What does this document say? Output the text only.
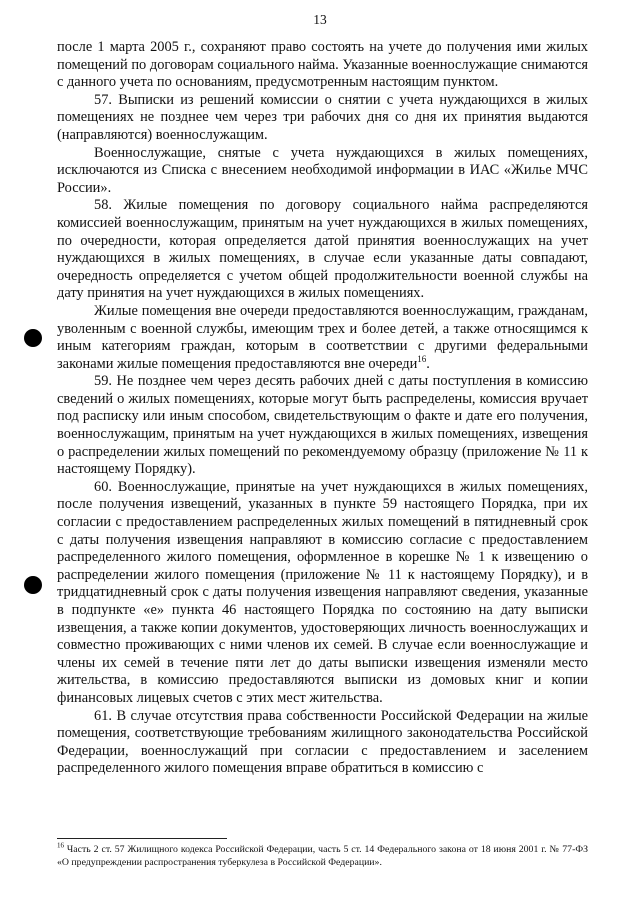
13

после 1 марта 2005 г., сохраняют право состоять на учете до получения ими жилых помещений по договорам социального найма. Указанные военнослужащие снимаются с данного учета по основаниям, предусмотренным настоящим пунктом.

57. Выписки из решений комиссии о снятии с учета нуждающихся в жилых помещениях не позднее чем через три рабочих дня со дня их принятия выдаются (направляются) военнослужащим.

Военнослужащие, снятые с учета нуждающихся в жилых помещениях, исключаются из Списка с внесением необходимой информации в ИАС «Жилье МЧС России».

58. Жилые помещения по договору социального найма распределяются комиссией военнослужащим, принятым на учет нуждающихся в жилых помещениях, по очередности, которая определяется датой принятия военнослужащих на учет нуждающихся в жилых помещениях, в случае если указанные даты совпадают, очередность определяется с учетом общей продолжительности военной службы на дату принятия на учет нуждающихся в жилых помещениях.

Жилые помещения вне очереди предоставляются военнослужащим, гражданам, уволенным с военной службы, имеющим трех и более детей, а также относящимся к иным категориям граждан, которым в соответствии с другими федеральными законами жилые помещения предоставляются вне очереди$^{16}$.

59. Не позднее чем через десять рабочих дней с даты поступления в комиссию сведений о жилых помещениях, которые могут быть распределены, комиссия вручает под расписку или иным способом, свидетельствующим о факте и дате его получения, военнослужащим, принятым на учет нуждающихся в жилых помещениях, извещения о распределении жилых помещений по рекомендуемому образцу (приложение № 11 к настоящему Порядку).

60. Военнослужащие, принятые на учет нуждающихся в жилых помещениях, после получения извещений, указанных в пункте 59 настоящего Порядка, при их согласии с предоставлением распределенных жилых помещений в пятидневный срок с даты получения извещения направляют в комиссию согласие с предоставлением распределенного жилого помещения, оформленное в корешке № 1 к извещению о распределении жилого помещения (приложение № 11 к настоящему Порядку), и в тридцатидневный срок с даты получения извещения направляют сведения, указанные в подпункте «е» пункта 46 настоящего Порядка по состоянию на дату выписки извещения, а также копии документов, удостоверяющих личность военнослужащих и совместно проживающих с ними членов их семей. В случае если военнослужащие и члены их семей в течение пяти лет до даты выписки извещения изменяли место жительства, в комиссию предоставляются выписки из домовых книг и копии финансовых лицевых счетов с этих мест жительства.

61. В случае отсутствия права собственности Российской Федерации на жилые помещения, соответствующие требованиям жилищного законодательства Российской Федерации, военнослужащий при согласии с предоставлением и заселением распределенного жилого помещения вправе обратиться в комиссию с

$^{16}$ Часть 2 ст. 57 Жилищного кодекса Российской Федерации, часть 5 ст. 14 Федерального закона от 18 июня 2001 г. № 77-ФЗ «О предупреждении распространения туберкулеза в Российской Федерации».
